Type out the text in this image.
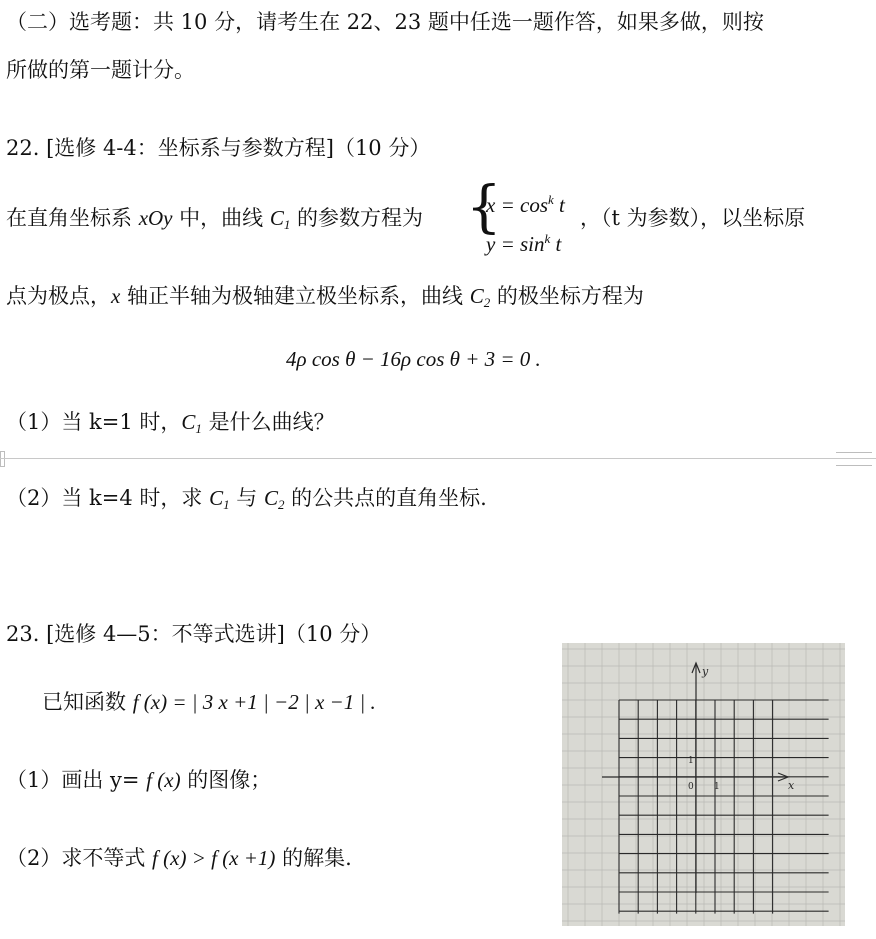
（二）选考题：共 10 分，请考生在 22、23 题中任选一题作答，如果多做，则按
所做的第一题计分。
22. [选修 4-4：坐标系与参数方程]（10 分）
在直角坐标系 xOy 中，曲线 $C_1$ 的参数方程为 {
$x = \cos^k t$
$y = \sin^k t$
，（t 为参数），以坐标原
点为极点，x 轴正半轴为极轴建立极坐标系，曲线 $C_2$ 的极坐标方程为
4ρ cos θ − 16ρ cos θ + 3 = 0 .
（1）当 k=1 时，$C_1$ 是什么曲线？
（2）当 k=4 时，求 $C_1$ 与 $C_2$ 的公共点的直角坐标.
23. [选修 4—5：不等式选讲]（10 分）
已知函数 f (x) = | 3 x +1 | −2 | x −1 | .
（1）画出 y= f (x) 的图像；
（2）求不等式 f (x) > f (x +1) 的解集.
y
x
0 1
1
